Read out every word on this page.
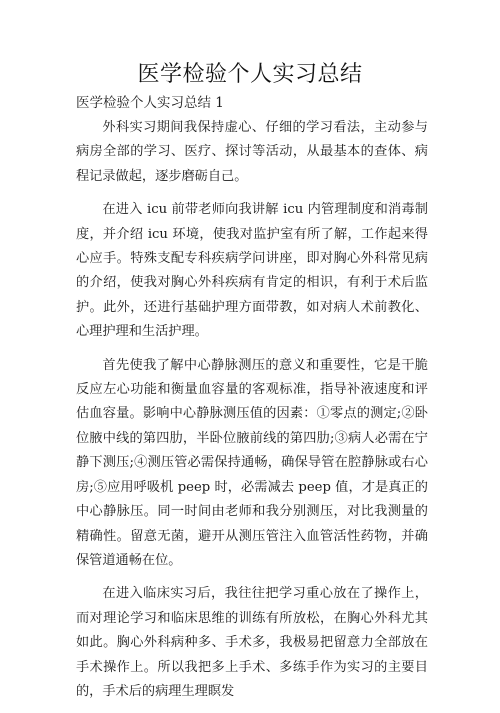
医学检验个人实习总结
医学检验个人实习总结 1

外科实习期间我保持虚心、仔细的学习看法，主动参与病房全部的学习、医疗、探讨等活动，从最基本的查体、病程记录做起，逐步磨砺自己。

在进入 icu 前带老师向我讲解 icu 内管理制度和消毒制度，并介绍 icu 环境，使我对监护室有所了解，工作起来得心应手。特殊支配专科疾病学问讲座，即对胸心外科常见病的介绍，使我对胸心外科疾病有肯定的相识，有利于术后监护。此外，还进行基础护理方面带教，如对病人术前教化、心理护理和生活护理。

首先使我了解中心静脉测压的意义和重要性，它是干脆反应左心功能和衡量血容量的客观标准，指导补液速度和评估血容量。影响中心静脉测压值的因素：①零点的测定;②卧位腋中线的第四肋，半卧位腋前线的第四肋;③病人必需在宁静下测压;④测压管必需保持通畅，确保导管在腔静脉或右心房;⑤应用呼吸机 peep 时，必需减去 peep 值，才是真正的中心静脉压。同一时间由老师和我分别测压，对比我测量的精确性。留意无菌，避开从测压管注入血管活性药物，并确保管道通畅在位。

在进入临床实习后，我往往把学习重心放在了操作上，而对理论学习和临床思维的训练有所放松，在胸心外科尤其如此。胸心外科病种多、手术多，我极易把留意力全部放在手术操作上。所以我把多上手术、多练手作为实习的主要目的，手术后的病理生理瞑发
